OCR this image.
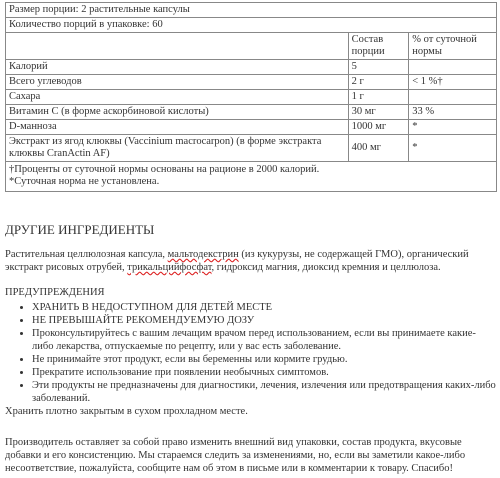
Размер порции: 2 растительные капсулы		
Количество порций в упаковке: 60		
	Состав порции	% от суточной нормы
Калорий	5	
Всего углеводов	2 г	< 1 %†
Сахара	1 г	
Витамин С (в форме аскорбиновой кислоты)	30 мг	33 %
D-манноза	1000 мг	*
Экстракт из ягод клюквы (Vaccinium macrocarpon) (в форме экстракта клюквы CranActin AF)	400 мг	*

†Проценты от суточной нормы основаны на рационе в 2000 калорий.
*Суточная норма не установлена.		
ДРУГИЕ ИНГРЕДИЕНТЫ

Растительная целлюлозная капсула, мальтодекстрин (из кукурузы, не содержащей ГМО), органический экстракт рисовых отрубей, трикальцийфосфат, гидроксид магния, диоксид кремния и целлюлоза.

ПРЕДУПРЕЖДЕНИЯ
• ХРАНИТЬ В НЕДОСТУПНОМ ДЛЯ ДЕТЕЙ МЕСТЕ
• НЕ ПРЕВЫШАЙТЕ РЕКОМЕНДУЕМУЮ ДОЗУ
• Проконсультируйтесь с вашим лечащим врачом перед использованием, если вы принимаете какие-либо лекарства, отпускаемые по рецепту, или у вас есть заболевание.
• Не принимайте этот продукт, если вы беременны или кормите грудью.
• Прекратите использование при появлении необычных симптомов.
• Эти продукты не предназначены для диагностики, лечения, излечения или предотвращения каких-либо заболеваний.

Хранить плотно закрытым в сухом прохладном месте.

Производитель оставляет за собой право изменить внешний вид упаковки, состав продукта, вкусовые добавки и его консистенцию. Мы стараемся следить за изменениями, но, если вы заметили какое-либо несоответствие, пожалуйста, сообщите нам об этом в письме или в комментарии к товару. Спасибо!
